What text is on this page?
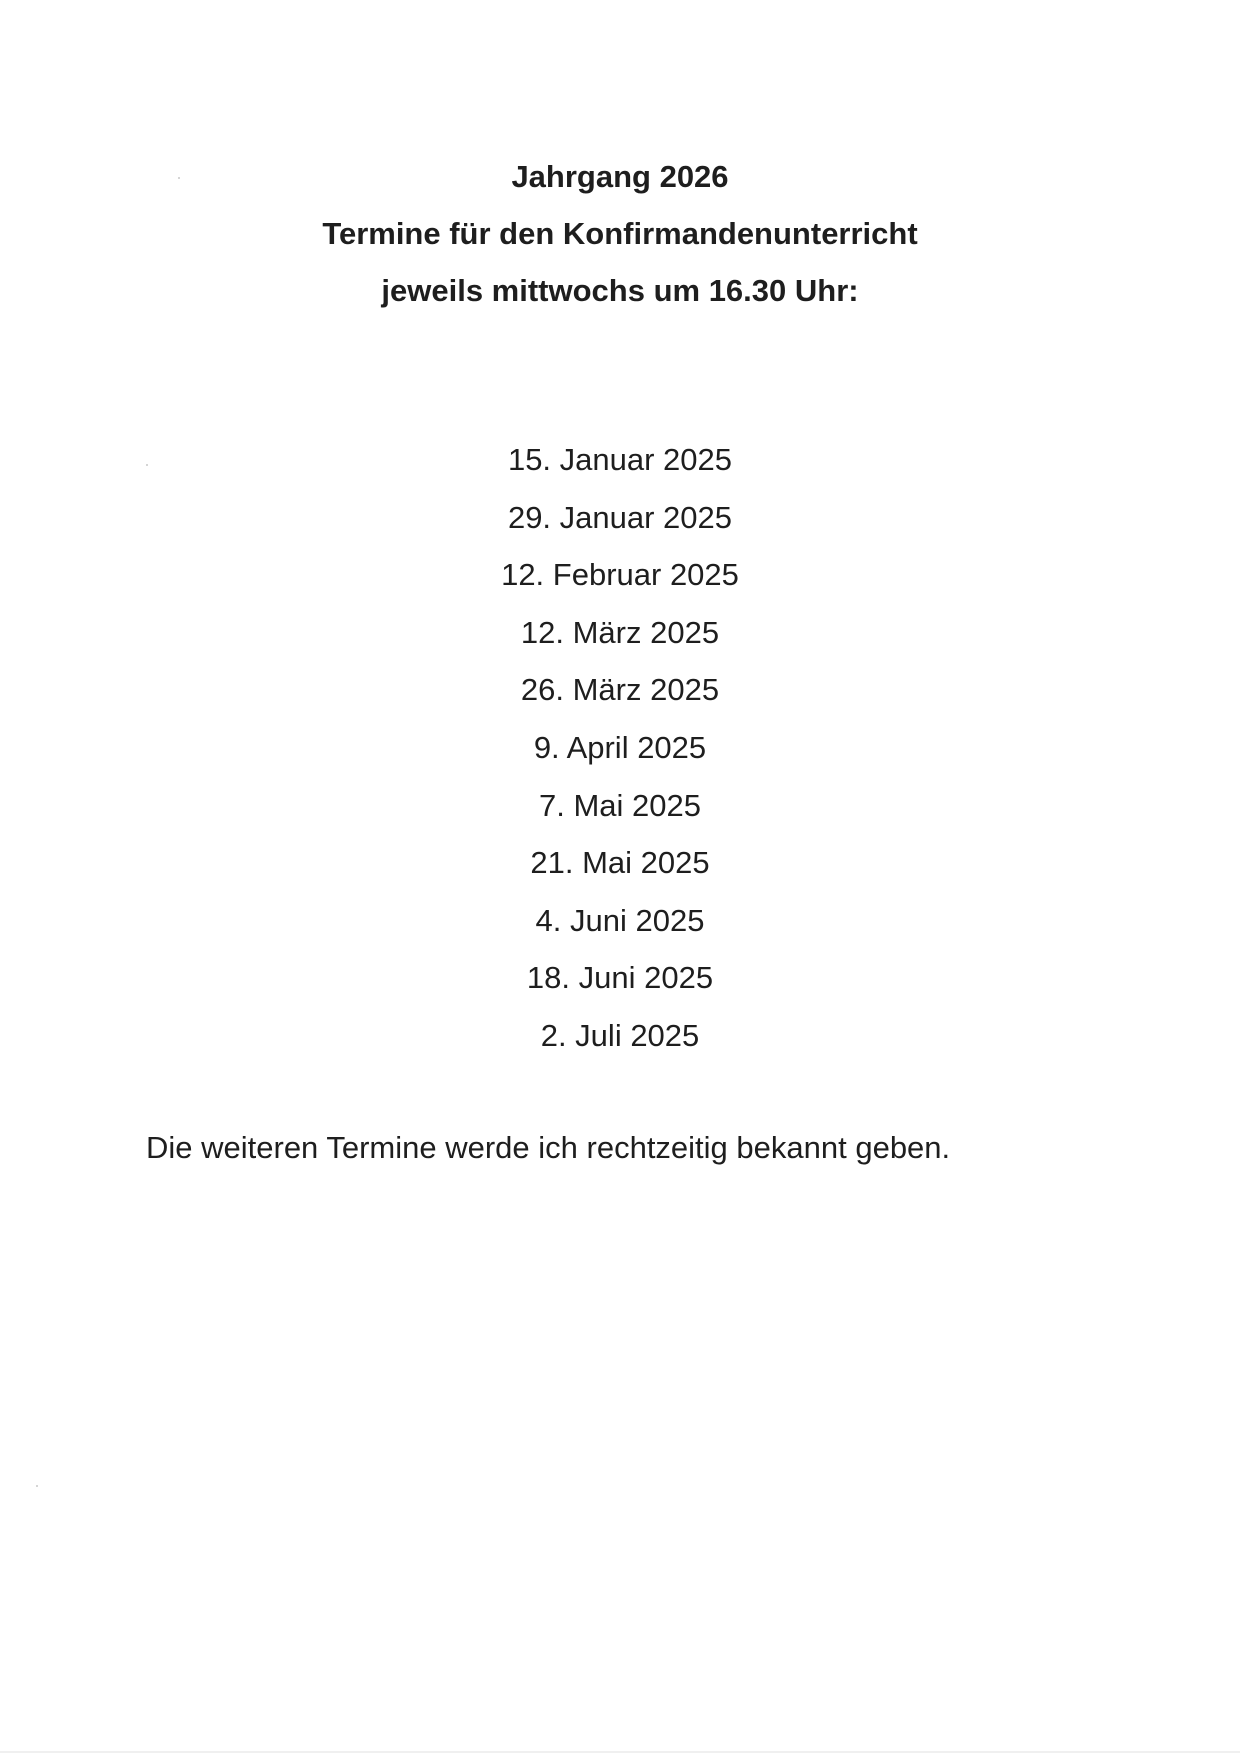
Jahrgang 2026
Termine für den Konfirmandenunterricht
jeweils mittwochs um 16.30 Uhr:
15. Januar 2025
29. Januar 2025
12. Februar 2025
12. März 2025
26. März 2025
9. April 2025
7. Mai 2025
21. Mai 2025
4. Juni 2025
18. Juni 2025
2. Juli 2025
Die weiteren Termine werde ich rechtzeitig bekannt geben.
